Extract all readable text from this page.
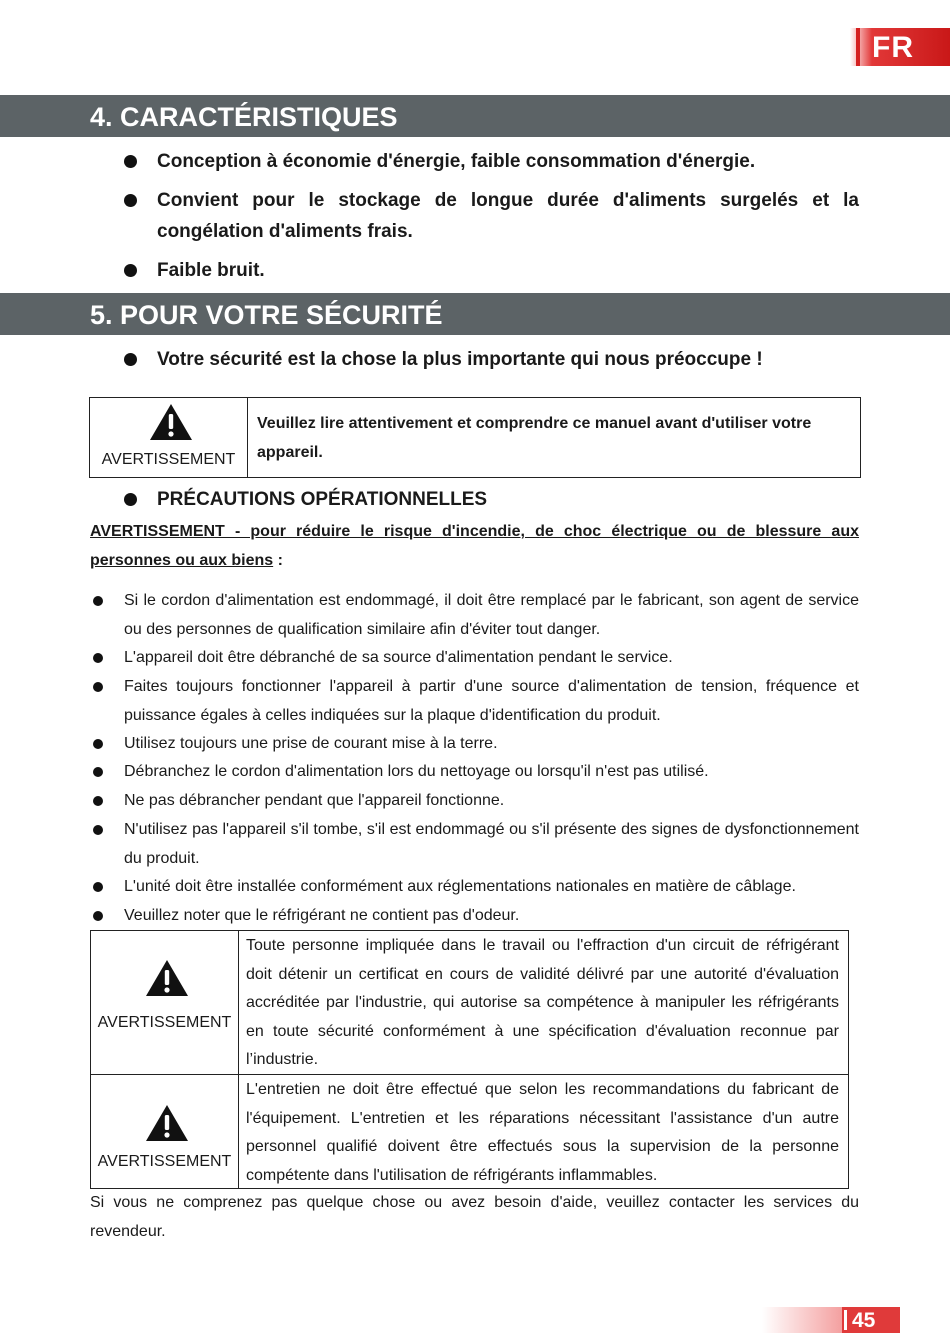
FR
4. CARACTÉRISTIQUES
Conception à économie d'énergie, faible consommation d'énergie.
Convient pour le stockage de longue durée d'aliments surgelés et la congélation d'aliments frais.
Faible bruit.
5. POUR VOTRE SÉCURITÉ
Votre sécurité est la chose la plus importante qui nous préoccupe !
AVERTISSEMENT
Veuillez lire attentivement et comprendre ce manuel avant d'utiliser votre appareil.
PRÉCAUTIONS OPÉRATIONNELLES
AVERTISSEMENT - pour réduire le risque d'incendie, de choc électrique ou de blessure aux personnes ou aux biens :
Si le cordon d'alimentation est endommagé, il doit être remplacé par le fabricant, son agent de service ou des personnes de qualification similaire afin d'éviter tout danger.
L'appareil doit être débranché de sa source d'alimentation pendant le service.
Faites toujours fonctionner l'appareil à partir d'une source d'alimentation de tension, fréquence et puissance égales à celles indiquées sur la plaque d'identification du produit.
Utilisez toujours une prise de courant mise à la terre.
Débranchez le cordon d'alimentation lors du nettoyage ou lorsqu'il n'est pas utilisé.
Ne pas débrancher pendant que l'appareil fonctionne.
N'utilisez pas l'appareil s'il tombe, s'il est endommagé ou s'il présente des signes de dysfonctionnement du produit.
L'unité doit être installée conformément aux réglementations nationales en matière de câblage.
Veuillez noter que le réfrigérant ne contient pas d'odeur.
AVERTISSEMENT
Toute personne impliquée dans le travail ou l'effraction d'un circuit de réfrigérant doit détenir un certificat en cours de validité délivré par une autorité d'évaluation accréditée par l'industrie, qui autorise sa compétence à manipuler les réfrigérants en toute sécurité conformément à une spécification d'évaluation reconnue par l’industrie.
AVERTISSEMENT
L'entretien ne doit être effectué que selon les recommandations du fabricant de l'équipement. L'entretien et les réparations nécessitant l'assistance d'un autre personnel qualifié doivent être effectués sous la supervision de la personne compétente dans l'utilisation de réfrigérants inflammables.
Si vous ne comprenez pas quelque chose ou avez besoin d'aide, veuillez contacter les services du revendeur.
45
